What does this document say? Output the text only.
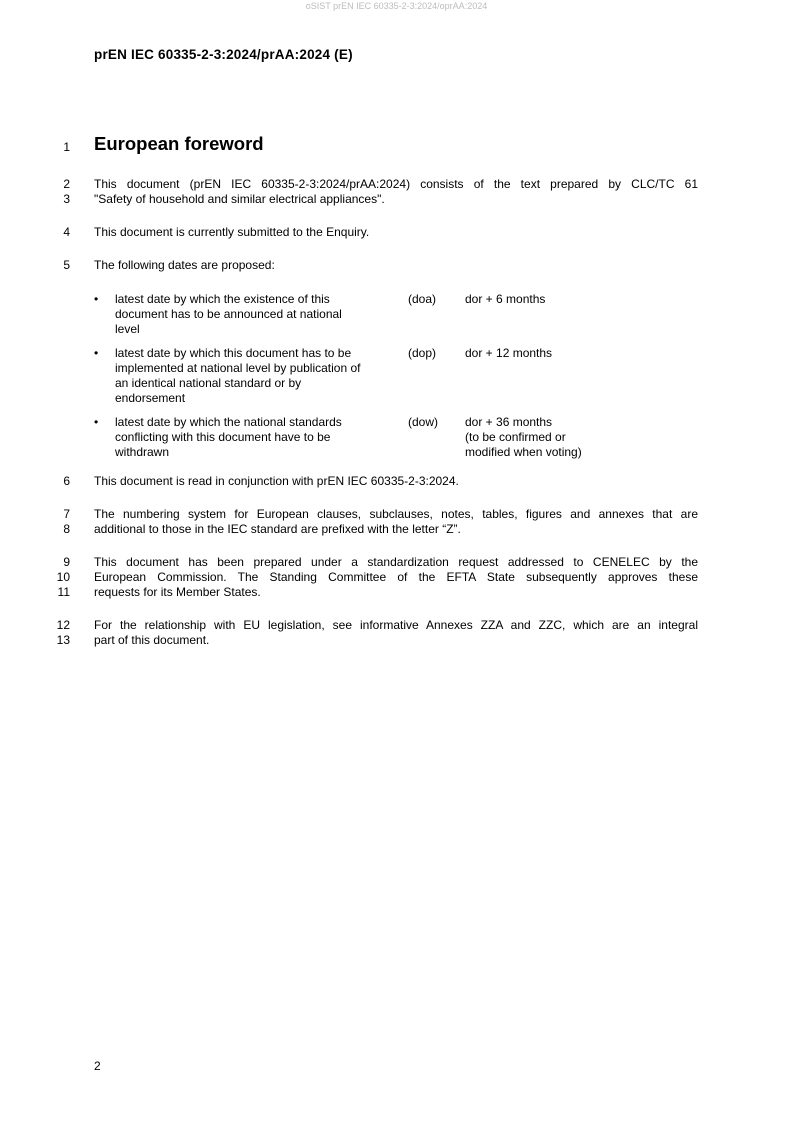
oSIST prEN IEC 60335-2-3:2024/oprAA:2024
prEN IEC 60335-2-3:2024/prAA:2024 (E)
1
2
3
4
5
6
7
8
9
10
11
12
13
European foreword
This document (prEN IEC 60335-2-3:2024/prAA:2024) consists of the text prepared by CLC/TC 61
"Safety of household and similar electrical appliances".
This document is currently submitted to the Enquiry.
The following dates are proposed:
•	latest date by which the existence of this
document has to be announced at national
level
(doa) dor + 6 months
•	latest date by which this document has to be
implemented at national level by publication of
an identical national standard or by
endorsement
(dop) dor + 12 months
•	latest date by which the national standards
conflicting with this document have to be
withdrawn
(dow) dor + 36 months
(to be confirmed or
modified when voting)
This document is read in conjunction with prEN IEC 60335-2-3:2024.
The numbering system for European clauses, subclauses, notes, tables, figures and annexes that are
additional to those in the IEC standard are prefixed with the letter “Z”.
This document has been prepared under a standardization request addressed to CENELEC by the
European Commission. The Standing Committee of the EFTA State subsequently approves these
requests for its Member States.
For the relationship with EU legislation, see informative Annexes ZZA and ZZC, which are an integral
part of this document.
2
